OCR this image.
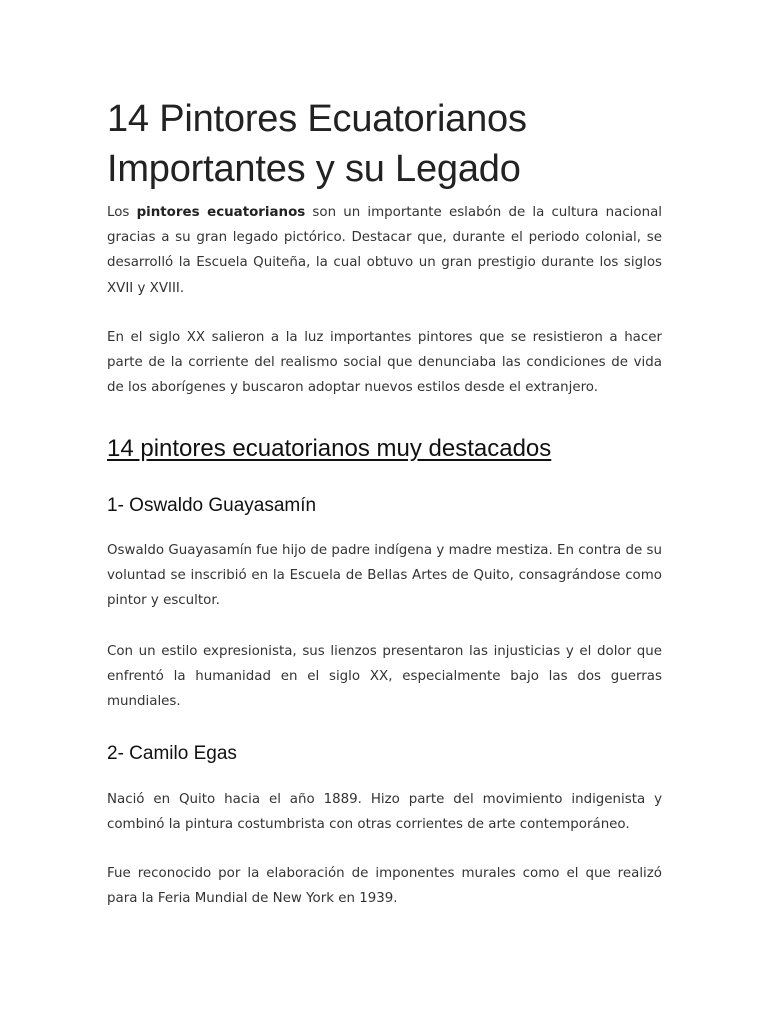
14 Pintores Ecuatorianos Importantes y su Legado

Los pintores ecuatorianos son un importante eslabón de la cultura nacional gracias a su gran legado pictórico. Destacar que, durante el periodo colonial, se desarrolló la Escuela Quiteña, la cual obtuvo un gran prestigio durante los siglos XVII y XVIII.

En el siglo XX salieron a la luz importantes pintores que se resistieron a hacer parte de la corriente del realismo social que denunciaba las condiciones de vida de los aborígenes y buscaron adoptar nuevos estilos desde el extranjero.

14 pintores ecuatorianos muy destacados
1- Oswaldo Guayasamín

Oswaldo Guayasamín fue hijo de padre indígena y madre mestiza. En contra de su voluntad se inscribió en la Escuela de Bellas Artes de Quito, consagrándose como pintor y escultor.

Con un estilo expresionista, sus lienzos presentaron las injusticias y el dolor que enfrentó la humanidad en el siglo XX, especialmente bajo las dos guerras mundiales.

2- Camilo Egas

Nació en Quito hacia el año 1889. Hizo parte del movimiento indigenista y combinó la pintura costumbrista con otras corrientes de arte contemporáneo.

Fue reconocido por la elaboración de imponentes murales como el que realizó para la Feria Mundial de New York en 1939.
